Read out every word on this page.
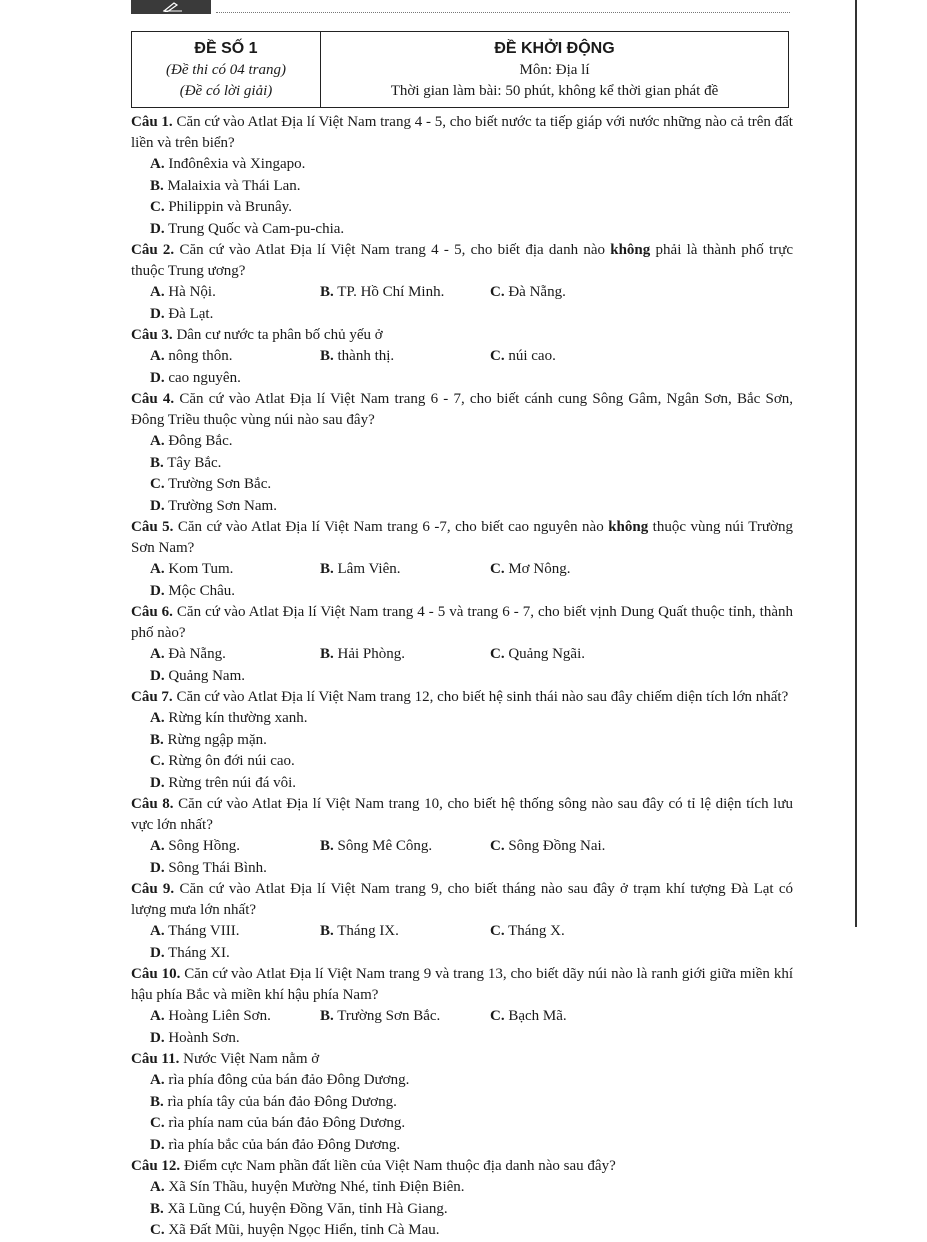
ĐỀ SỐ 1
(Đề thi có 04 trang)
(Đề có lời giải)
ĐỀ KHỞI ĐỘNG
Môn: Địa lí
Thời gian làm bài: 50 phút, không kể thời gian phát đề

Câu 1. Căn cứ vào Atlat Địa lí Việt Nam trang 4 - 5, cho biết nước ta tiếp giáp với nước những nào cả trên đất liền và trên biển?

A. Inđônêxia và Xingapo.
B. Malaixia và Thái Lan.
C. Philippin và Brunây.
D. Trung Quốc và Cam-pu-chia.

Câu 2. Căn cứ vào Atlat Địa lí Việt Nam trang 4 - 5, cho biết địa danh nào không phải là thành phố trực thuộc Trung ương?

A. Hà Nội.	B. TP. Hồ Chí Minh.	C. Đà Nẵng.
D. Đà Lạt.

Câu 3. Dân cư nước ta phân bố chủ yếu ở

A. nông thôn.	B. thành thị.	C. núi cao.
D. cao nguyên.

Câu 4. Căn cứ vào Atlat Địa lí Việt Nam trang 6 - 7, cho biết cánh cung Sông Gâm, Ngân Sơn, Bắc Sơn, Đông Triều thuộc vùng núi nào sau đây?

A. Đông Bắc.
B. Tây Bắc.
C. Trường Sơn Bắc.
D. Trường Sơn Nam.

Câu 5. Căn cứ vào Atlat Địa lí Việt Nam trang 6 -7, cho biết cao nguyên nào không thuộc vùng núi Trường Sơn Nam?

A. Kom Tum.	B. Lâm Viên.	C. Mơ Nông.
D. Mộc Châu.

Câu 6. Căn cứ vào Atlat Địa lí Việt Nam trang 4 - 5 và trang 6 - 7, cho biết vịnh Dung Quất thuộc tỉnh, thành phố nào?

A. Đà Nẵng.	B. Hải Phòng.	C. Quảng Ngãi.
D. Quảng Nam.

Câu 7. Căn cứ vào Atlat Địa lí Việt Nam trang 12, cho biết hệ sinh thái nào sau đây chiếm diện tích lớn nhất?

A. Rừng kín thường xanh.
B. Rừng ngập mặn.
C. Rừng ôn đới núi cao.
D. Rừng trên núi đá vôi.

Câu 8. Căn cứ vào Atlat Địa lí Việt Nam trang 10, cho biết hệ thống sông nào sau đây có tỉ lệ diện tích lưu vực lớn nhất?

A. Sông Hồng.	B. Sông Mê Công.	C. Sông Đồng Nai.
D. Sông Thái Bình.

Câu 9. Căn cứ vào Atlat Địa lí Việt Nam trang 9, cho biết tháng nào sau đây ở trạm khí tượng Đà Lạt có lượng mưa lớn nhất?

A. Tháng VIII.	B. Tháng IX.	C. Tháng X.
D. Tháng XI.

Câu 10. Căn cứ vào Atlat Địa lí Việt Nam trang 9 và trang 13, cho biết dãy núi nào là ranh giới giữa miền khí hậu phía Bắc và miền khí hậu phía Nam?

A. Hoàng Liên Sơn.	B. Trường Sơn Bắc.	C. Bạch Mã.
D. Hoành Sơn.

Câu 11. Nước Việt Nam nằm ở

A. rìa phía đông của bán đảo Đông Dương.
B. rìa phía tây của bán đảo Đông Dương.
C. rìa phía nam của bán đảo Đông Dương.
D. rìa phía bắc của bán đảo Đông Dương.

Câu 12. Điểm cực Nam phần đất liền của Việt Nam thuộc địa danh nào sau đây?

A. Xã Sín Thầu, huyện Mường Nhé, tỉnh Điện Biên.
B. Xã Lũng Cú, huyện Đồng Văn, tỉnh Hà Giang.
C. Xã Đất Mũi, huyện Ngọc Hiển, tỉnh Cà Mau.
